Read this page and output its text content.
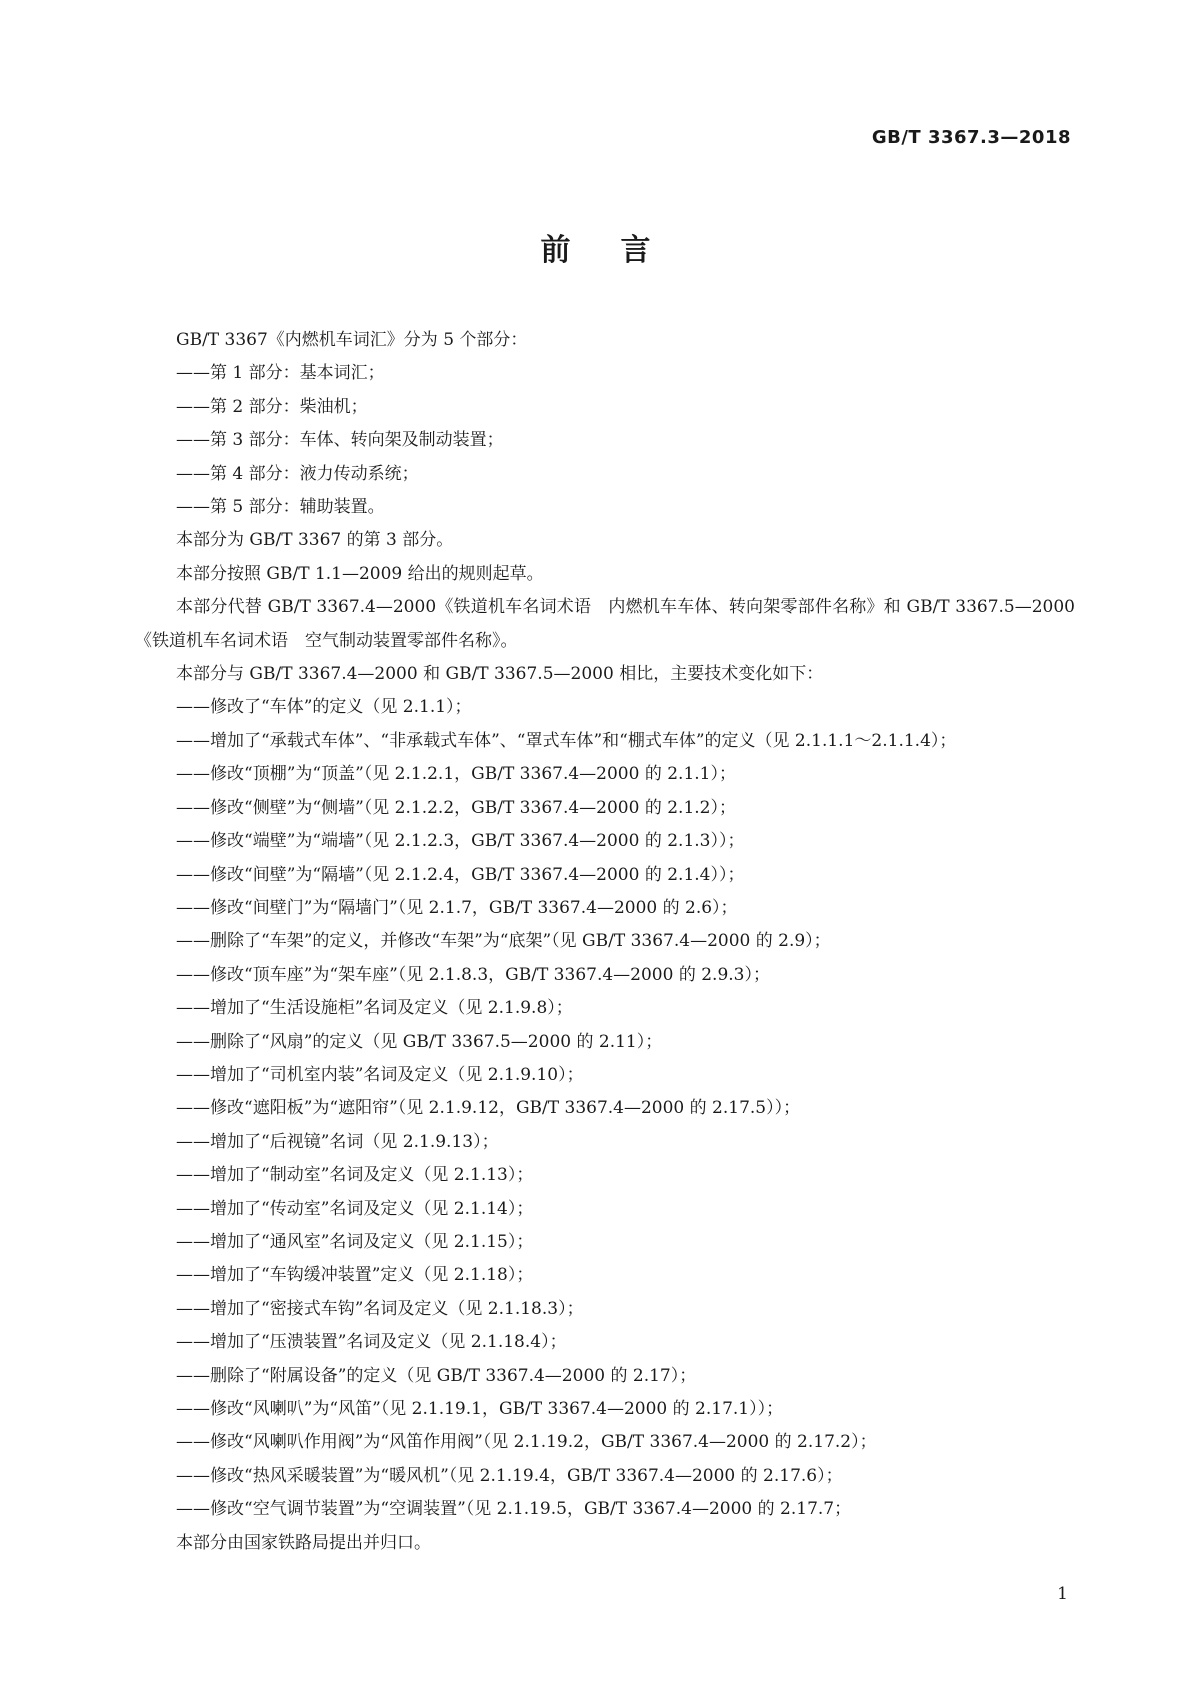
GB/T 3367.3—2018
前言

GB/T 3367《内燃机车词汇》分为 5 个部分：

——第 1 部分：基本词汇；

——第 2 部分：柴油机；

——第 3 部分：车体、转向架及制动装置；

——第 4 部分：液力传动系统；

——第 5 部分：辅助装置。

本部分为 GB/T 3367 的第 3 部分。

本部分按照 GB/T 1.1—2009 给出的规则起草。

本部分代替 GB/T 3367.4—2000《铁道机车名词术语　内燃机车车体、转向架零部件名称》和 GB/T 3367.5—2000《铁道机车名词术语　空气制动装置零部件名称》。

本部分与 GB/T 3367.4—2000 和 GB/T 3367.5—2000 相比，主要技术变化如下：

——修改了“车体”的定义（见 2.1.1）；

——增加了“承载式车体”、“非承载式车体”、“罩式车体”和“棚式车体”的定义（见 2.1.1.1～2.1.1.4）；

——修改“顶棚”为“顶盖”（见 2.1.2.1，GB/T 3367.4—2000 的 2.1.1）；

——修改“侧壁”为“侧墙”（见 2.1.2.2，GB/T 3367.4—2000 的 2.1.2）；

——修改“端壁”为“端墙”（见 2.1.2.3，GB/T 3367.4—2000 的 2.1.3））；

——修改“间壁”为“隔墙”（见 2.1.2.4，GB/T 3367.4—2000 的 2.1.4））；

——修改“间壁门”为“隔墙门”（见 2.1.7，GB/T 3367.4—2000 的 2.6）；

——删除了“车架”的定义，并修改“车架”为“底架”（见 GB/T 3367.4—2000 的 2.9）；

——修改“顶车座”为“架车座”（见 2.1.8.3，GB/T 3367.4—2000 的 2.9.3）；

——增加了“生活设施柜”名词及定义（见 2.1.9.8）；

——删除了“风扇”的定义（见 GB/T 3367.5—2000 的 2.11）；

——增加了“司机室内装”名词及定义（见 2.1.9.10）；

——修改“遮阳板”为“遮阳帘”（见 2.1.9.12，GB/T 3367.4—2000 的 2.17.5））；

——增加了“后视镜”名词（见 2.1.9.13）；

——增加了“制动室”名词及定义（见 2.1.13）；

——增加了“传动室”名词及定义（见 2.1.14）；

——增加了“通风室”名词及定义（见 2.1.15）；

——增加了“车钩缓冲装置”定义（见 2.1.18）；

——增加了“密接式车钩”名词及定义（见 2.1.18.3）；

——增加了“压溃装置”名词及定义（见 2.1.18.4）；

——删除了“附属设备”的定义（见 GB/T 3367.4—2000 的 2.17）；

——修改“风喇叭”为“风笛”（见 2.1.19.1，GB/T 3367.4—2000 的 2.17.1））；

——修改“风喇叭作用阀”为“风笛作用阀”（见 2.1.19.2，GB/T 3367.4—2000 的 2.17.2）；

——修改“热风采暖装置”为“暖风机”（见 2.1.19.4，GB/T 3367.4—2000 的 2.17.6）；

——修改“空气调节装置”为“空调装置”（见 2.1.19.5，GB/T 3367.4—2000 的 2.17.7；

本部分由国家铁路局提出并归口。

1
